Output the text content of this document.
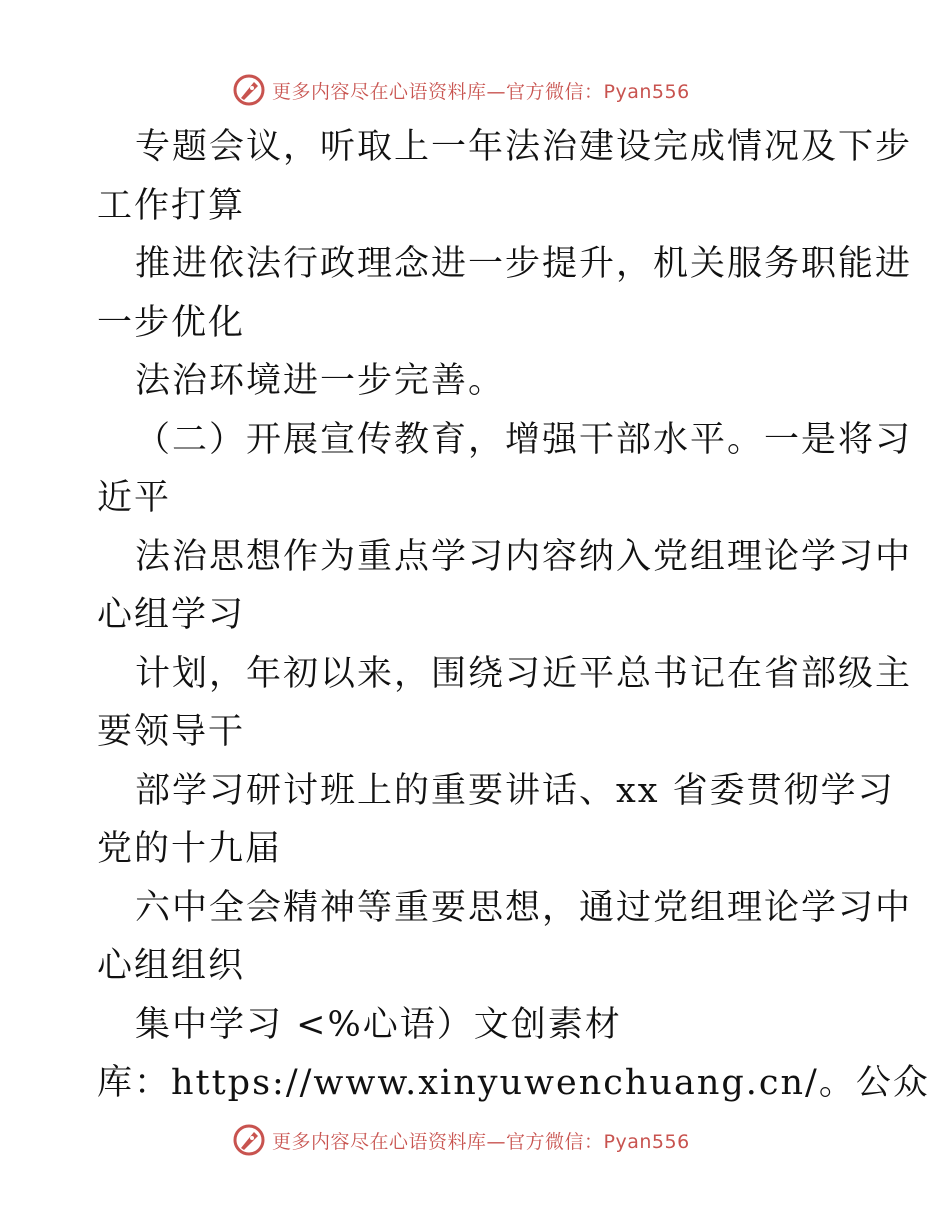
更多内容尽在心语资料库—官方微信：Pyan556
专题会议，听取上一年法治建设完成情况及下步
工作打算
推进依法行政理念进一步提升，机关服务职能进
一步优化
法治环境进一步完善。
（二）开展宣传教育，增强干部水平。一是将习
近平
法治思想作为重点学习内容纳入党组理论学习中
心组学习
计划，年初以来，围绕习近平总书记在省部级主
要领导干
部学习研讨班上的重要讲话、xx 省委贯彻学习
党的十九届
六中全会精神等重要思想，通过党组理论学习中
心组组织
集中学习 <%心语）文创素材
库：https://www.xinyuwenchuang.cn/。公众
更多内容尽在心语资料库—官方微信：Pyan556
